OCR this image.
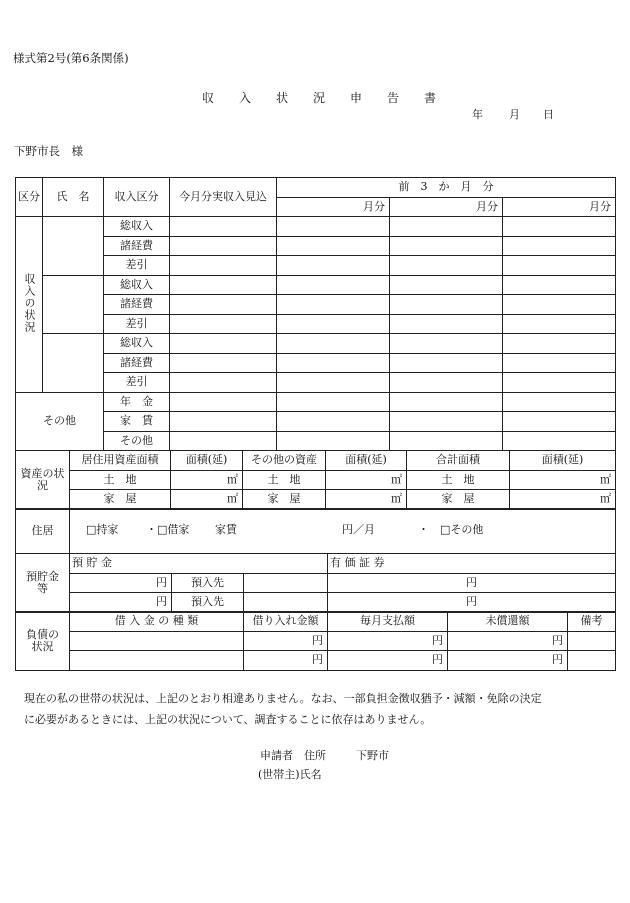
様式第2号(第6条関係)
収入状況申告書
年 月 日
下野市長　様
区分	氏　名	収入区分	今月分実収入見込	前　3　か　月　分		
				月分	月分	月分
収入の状況		総収入				
		諸経費				
		差引				
		総収入				
		諸経費				
		差引				
		総収入				
		諸経費				
		差引				
その他		年　金				
		家　賃				
		その他				
資産の状況	居住用資産面積	面積(延)	その他の資産	面積(延)	合計面積	面積(延)
	土　地	㎡	土　地	㎡	土　地	㎡
	家　屋	㎡	家　屋	㎡	家　屋	㎡
住居	□持家	・□借家 家賃	円／月	・　□その他
預貯金等	預 貯 金			有 価 証 券
	円	預入先		円
	円	預入先		円
負債の状況	借 入 金 の 種 類	借り入れ金額	毎月支払額	未償還額	備考
		円	円	円	
		円	円	円	
現在の私の世帯の状況は、上記のとおり相違ありません。なお、一部負担金徴収猶予・減額・免除の決定
に必要があるときには、上記の状況について、調査することに依存はありません。
申請者　住所	下野市
(世帯主)氏名
